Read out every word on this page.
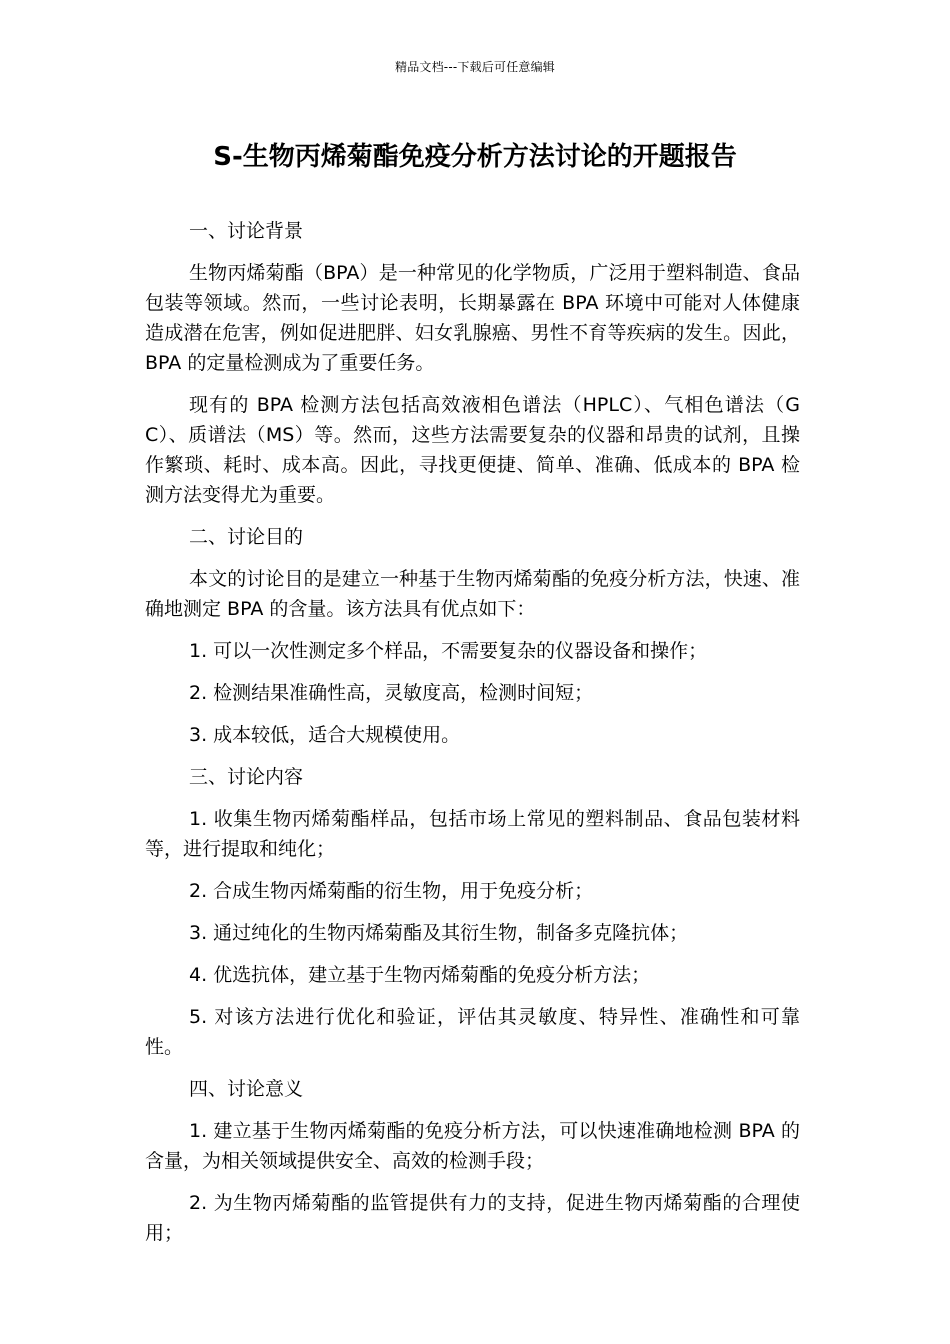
精品文档---下载后可任意编辑
S-生物丙烯菊酯免疫分析方法讨论的开题报告

一、讨论背景

生物丙烯菊酯（BPA）是一种常见的化学物质，广泛用于塑料制造、食品包装等领域。然而，一些讨论表明，长期暴露在 BPA 环境中可能对人体健康造成潜在危害，例如促进肥胖、妇女乳腺癌、男性不育等疾病的发生。因此，BPA 的定量检测成为了重要任务。

现有的 BPA 检测方法包括高效液相色谱法（HPLC）、气相色谱法（GC）、质谱法（MS）等。然而，这些方法需要复杂的仪器和昂贵的试剂，且操作繁琐、耗时、成本高。因此，寻找更便捷、简单、准确、低成本的 BPA 检测方法变得尤为重要。

二、讨论目的

本文的讨论目的是建立一种基于生物丙烯菊酯的免疫分析方法，快速、准确地测定 BPA 的含量。该方法具有优点如下：

1. 可以一次性测定多个样品，不需要复杂的仪器设备和操作；

2. 检测结果准确性高，灵敏度高，检测时间短；

3. 成本较低，适合大规模使用。

三、讨论内容

1. 收集生物丙烯菊酯样品，包括市场上常见的塑料制品、食品包装材料等，进行提取和纯化；

2. 合成生物丙烯菊酯的衍生物，用于免疫分析；

3. 通过纯化的生物丙烯菊酯及其衍生物，制备多克隆抗体；

4. 优选抗体，建立基于生物丙烯菊酯的免疫分析方法；

5. 对该方法进行优化和验证，评估其灵敏度、特异性、准确性和可靠性。

四、讨论意义

1. 建立基于生物丙烯菊酯的免疫分析方法，可以快速准确地检测 BPA 的含量，为相关领域提供安全、高效的检测手段；

2. 为生物丙烯菊酯的监管提供有力的支持，促进生物丙烯菊酯的合理使用；
